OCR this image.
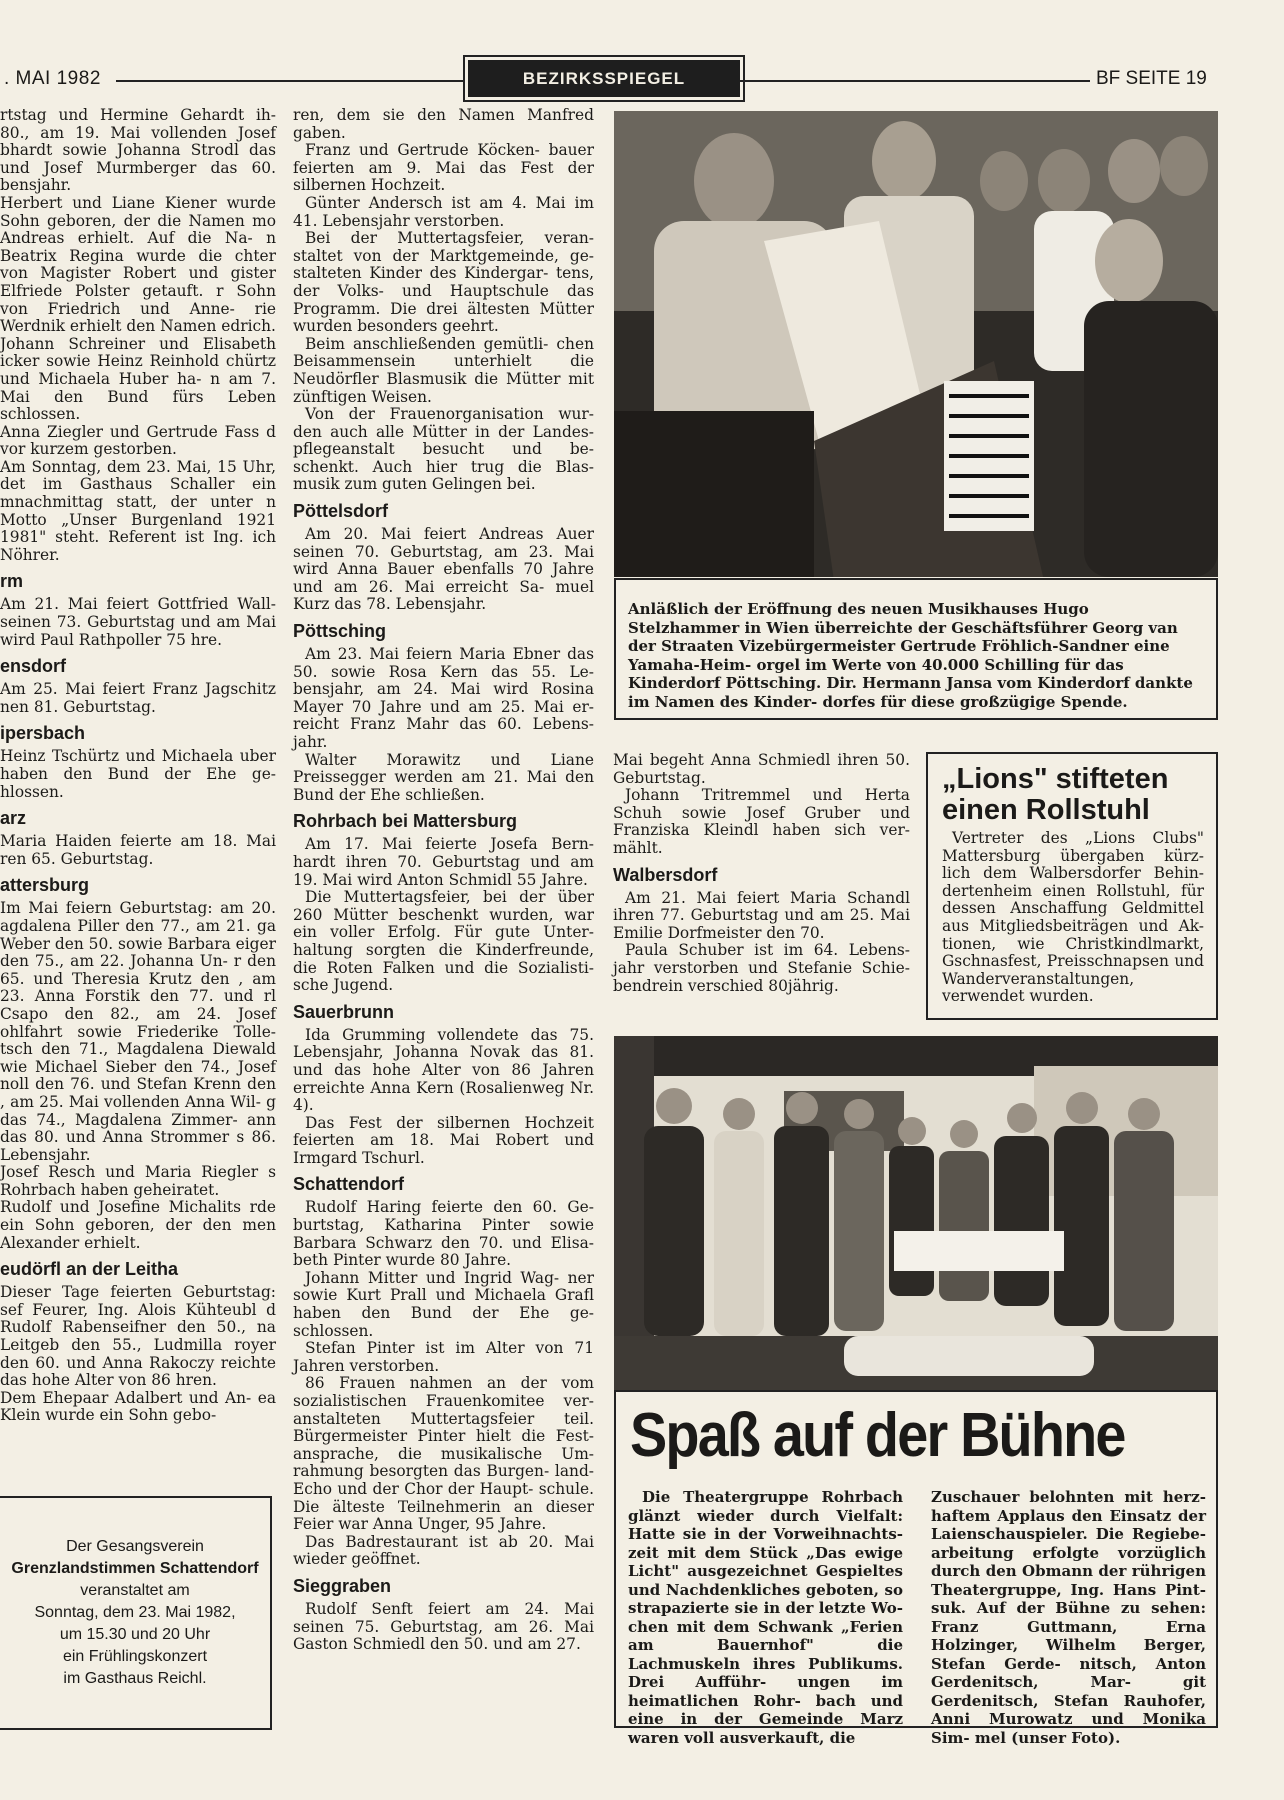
. MAI 1982	BEZIRKSSPIEGEL	BF SEITE 19

rtstag und Hermine Gehardt ih- 80., am 19. Mai vollenden Josef bhardt sowie Johanna Strodl das und Josef Murmberger das 60. bensjahr.

Herbert und Liane Kiener wurde Sohn geboren, der die Namen mo Andreas erhielt. Auf die Na- n Beatrix Regina wurde die chter von Magister Robert und gister Elfriede Polster getauft. r Sohn von Friedrich und Anne- rie Werdnik erhielt den Namen edrich.

Johann Schreiner und Elisabeth icker sowie Heinz Reinhold chürtz und Michaela Huber ha- n am 7. Mai den Bund fürs Leben schlossen.

Anna Ziegler und Gertrude Fass d vor kurzem gestorben.

Am Sonntag, dem 23. Mai, 15 Uhr, det im Gasthaus Schaller ein mnachmittag statt, der unter n Motto „Unser Burgenland 1921 1981" steht. Referent ist Ing. ich Nöhrer.

rm

Am 21. Mai feiert Gottfried Wall- seinen 73. Geburtstag und am Mai wird Paul Rathpoller 75 hre.

ensdorf

Am 25. Mai feiert Franz Jagschitz nen 81. Geburtstag.

ipersbach

Heinz Tschürtz und Michaela uber haben den Bund der Ehe ge- hlossen.

arz

Maria Haiden feierte am 18. Mai ren 65. Geburtstag.

attersburg

Im Mai feiern Geburtstag: am 20. agdalena Piller den 77., am 21. ga Weber den 50. sowie Barbara eiger den 75., am 22. Johanna Un- r den 65. und Theresia Krutz den , am 23. Anna Forstik den 77. und rl Csapo den 82., am 24. Josef ohlfahrt sowie Friederike Tolle- tsch den 71., Magdalena Diewald wie Michael Sieber den 74., Josef noll den 76. und Stefan Krenn den , am 25. Mai vollenden Anna Wil- g das 74., Magdalena Zimmer- ann das 80. und Anna Strommer s 86. Lebensjahr.

Josef Resch und Maria Riegler s Rohrbach haben geheiratet.

Rudolf und Josefine Michalits rde ein Sohn geboren, der den men Alexander erhielt.

eudörfl an der Leitha

Dieser Tage feierten Geburtstag: sef Feurer, Ing. Alois Kühteubl d Rudolf Rabenseifner den 50., na Leitgeb den 55., Ludmilla royer den 60. und Anna Rakoczy reichte das hohe Alter von 86 hren.

Dem Ehepaar Adalbert und An- ea Klein wurde ein Sohn gebo-

Der Gesangsverein
Grenzlandstimmen Schattendorf
veranstaltet am
Sonntag, dem 23. Mai 1982,
um 15.30 und 20 Uhr
ein Frühlingskonzert
im Gasthaus Reichl.

ren, dem sie den Namen Manfred gaben.

Franz und Gertrude Köcken- bauer feierten am 9. Mai das Fest der silbernen Hochzeit.

Günter Andersch ist am 4. Mai im 41. Lebensjahr verstorben.

Bei der Muttertagsfeier, veran- staltet von der Marktgemeinde, ge- stalteten Kinder des Kindergar- tens, der Volks- und Hauptschule das Programm. Die drei ältesten Mütter wurden besonders geehrt.

Beim anschließenden gemütli- chen Beisammensein unterhielt die Neudörfler Blasmusik die Mütter mit zünftigen Weisen.

Von der Frauenorganisation wur- den auch alle Mütter in der Landes- pflegeanstalt besucht und be- schenkt. Auch hier trug die Blas- musik zum guten Gelingen bei.

Pöttelsdorf

Am 20. Mai feiert Andreas Auer seinen 70. Geburtstag, am 23. Mai wird Anna Bauer ebenfalls 70 Jahre und am 26. Mai erreicht Sa- muel Kurz das 78. Lebensjahr.

Pöttsching

Am 23. Mai feiern Maria Ebner das 50. sowie Rosa Kern das 55. Le- bensjahr, am 24. Mai wird Rosina Mayer 70 Jahre und am 25. Mai er- reicht Franz Mahr das 60. Lebens- jahr.

Walter Morawitz und Liane Preissegger werden am 21. Mai den Bund der Ehe schließen.

Rohrbach bei Mattersburg

Am 17. Mai feierte Josefa Bern- hardt ihren 70. Geburtstag und am 19. Mai wird Anton Schmidl 55 Jahre.

Die Muttertagsfeier, bei der über 260 Mütter beschenkt wurden, war ein voller Erfolg. Für gute Unter- haltung sorgten die Kinderfreunde, die Roten Falken und die Sozialisti- sche Jugend.

Sauerbrunn

Ida Grumming vollendete das 75. Lebensjahr, Johanna Novak das 81. und das hohe Alter von 86 Jahren erreichte Anna Kern (Rosalienweg Nr. 4).

Das Fest der silbernen Hochzeit feierten am 18. Mai Robert und Irmgard Tschurl.

Schattendorf

Rudolf Haring feierte den 60. Ge- burtstag, Katharina Pinter sowie Barbara Schwarz den 70. und Elisa- beth Pinter wurde 80 Jahre.

Johann Mitter und Ingrid Wag- ner sowie Kurt Prall und Michaela Grafl haben den Bund der Ehe ge- schlossen.

Stefan Pinter ist im Alter von 71 Jahren verstorben.

86 Frauen nahmen an der vom sozialistischen Frauenkomitee ver- anstalteten Muttertagsfeier teil. Bürgermeister Pinter hielt die Fest- ansprache, die musikalische Um- rahmung besorgten das Burgen- land-Echo und der Chor der Haupt- schule. Die älteste Teilnehmerin an dieser Feier war Anna Unger, 95 Jahre.

Das Badrestaurant ist ab 20. Mai wieder geöffnet.

Sieggraben

Rudolf Senft feiert am 24. Mai seinen 75. Geburtstag, am 26. Mai Gaston Schmiedl den 50. und am 27.

Anläßlich der Eröffnung des neuen Musikhauses Hugo Stelzhammer in Wien überreichte der Geschäftsführer Georg van der Straaten Vizebürgermeister Gertrude Fröhlich-Sandner eine Yamaha-Heim- orgel im Werte von 40.000 Schilling für das Kinderdorf Pöttsching. Dir. Hermann Jansa vom Kinderdorf dankte im Namen des Kinder- dorfes für diese großzügige Spende.

Mai begeht Anna Schmiedl ihren 50. Geburtstag.

Johann Tritremmel und Herta Schuh sowie Josef Gruber und Franziska Kleindl haben sich ver- mählt.

Walbersdorf

Am 21. Mai feiert Maria Schandl ihren 77. Geburtstag und am 25. Mai Emilie Dorfmeister den 70.

Paula Schuber ist im 64. Lebens- jahr verstorben und Stefanie Schie- bendrein verschied 80jährig.

„Lions" stifteten
einen Rollstuhl
Vertreter des „Lions Clubs" Mattersburg übergaben kürz- lich dem Walbersdorfer Behin- dertenheim einen Rollstuhl, für dessen Anschaffung Geldmittel aus Mitgliedsbeiträgen und Ak- tionen, wie Christkindlmarkt, Gschnasfest, Preisschnapsen und Wanderveranstaltungen, verwendet wurden.
Spaß auf der Bühne
Die Theatergruppe Rohrbach glänzt wieder durch Vielfalt: Hatte sie in der Vorweihnachts- zeit mit dem Stück „Das ewige Licht" ausgezeichnet Gespieltes und Nachdenkliches geboten, so strapazierte sie in der letzte Wo- chen mit dem Schwank „Ferien am Bauernhof" die Lachmuskeln ihres Publikums. Drei Aufführ- ungen im heimatlichen Rohr- bach und eine in der Gemeinde Marz waren voll ausverkauft, die
Zuschauer belohnten mit herz- haftem Applaus den Einsatz der Laienschauspieler. Die Regiebe- arbeitung erfolgte vorzüglich durch den Obmann der rührigen Theatergruppe, Ing. Hans Pint- suk. Auf der Bühne zu sehen: Franz Guttmann, Erna Holzinger, Wilhelm Berger, Stefan Gerde- nitsch, Anton Gerdenitsch, Mar- git Gerdenitsch, Stefan Rauhofer, Anni Murowatz und Monika Sim- mel (unser Foto).
